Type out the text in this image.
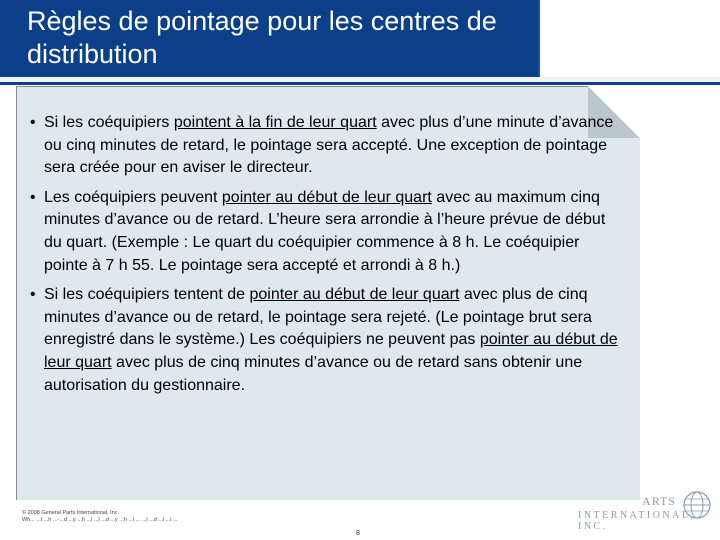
Règles de pointage pour les centres de distribution
• Si les coéquipiers pointent à la fin de leur quart avec plus d’une minute d’avance ou cinq minutes de retard, le pointage sera accepté. Une exception de pointage sera créée pour en aviser le directeur.
• Les coéquipiers peuvent pointer au début de leur quart avec au maximum cinq minutes d’avance ou de retard. L’heure sera arrondie à l’heure prévue de début du quart. (Exemple : Le quart du coéquipier commence à 8 h. Le coéquipier pointe à 7 h 55. Le pointage sera accepté et arrondi à 8 h.)
• Si les coéquipiers tentent de pointer au début de leur quart avec plus de cinq minutes d’avance ou de retard, le pointage sera rejeté. (Le pointage brut sera enregistré dans le système.) Les coéquipiers ne peuvent pas pointer au début de leur quart avec plus de cinq minutes d’avance ou de retard sans obtenir une autorisation du gestionnaire.
© 2008 General Parts International, Inc.
Wh... ...l ...h ...-...d ...y ...h ...l ...l ...d ...y ...h ...l ... ...l ...d ...l ...l ...
8
ARTS
INTERNATIONAL, INC.
